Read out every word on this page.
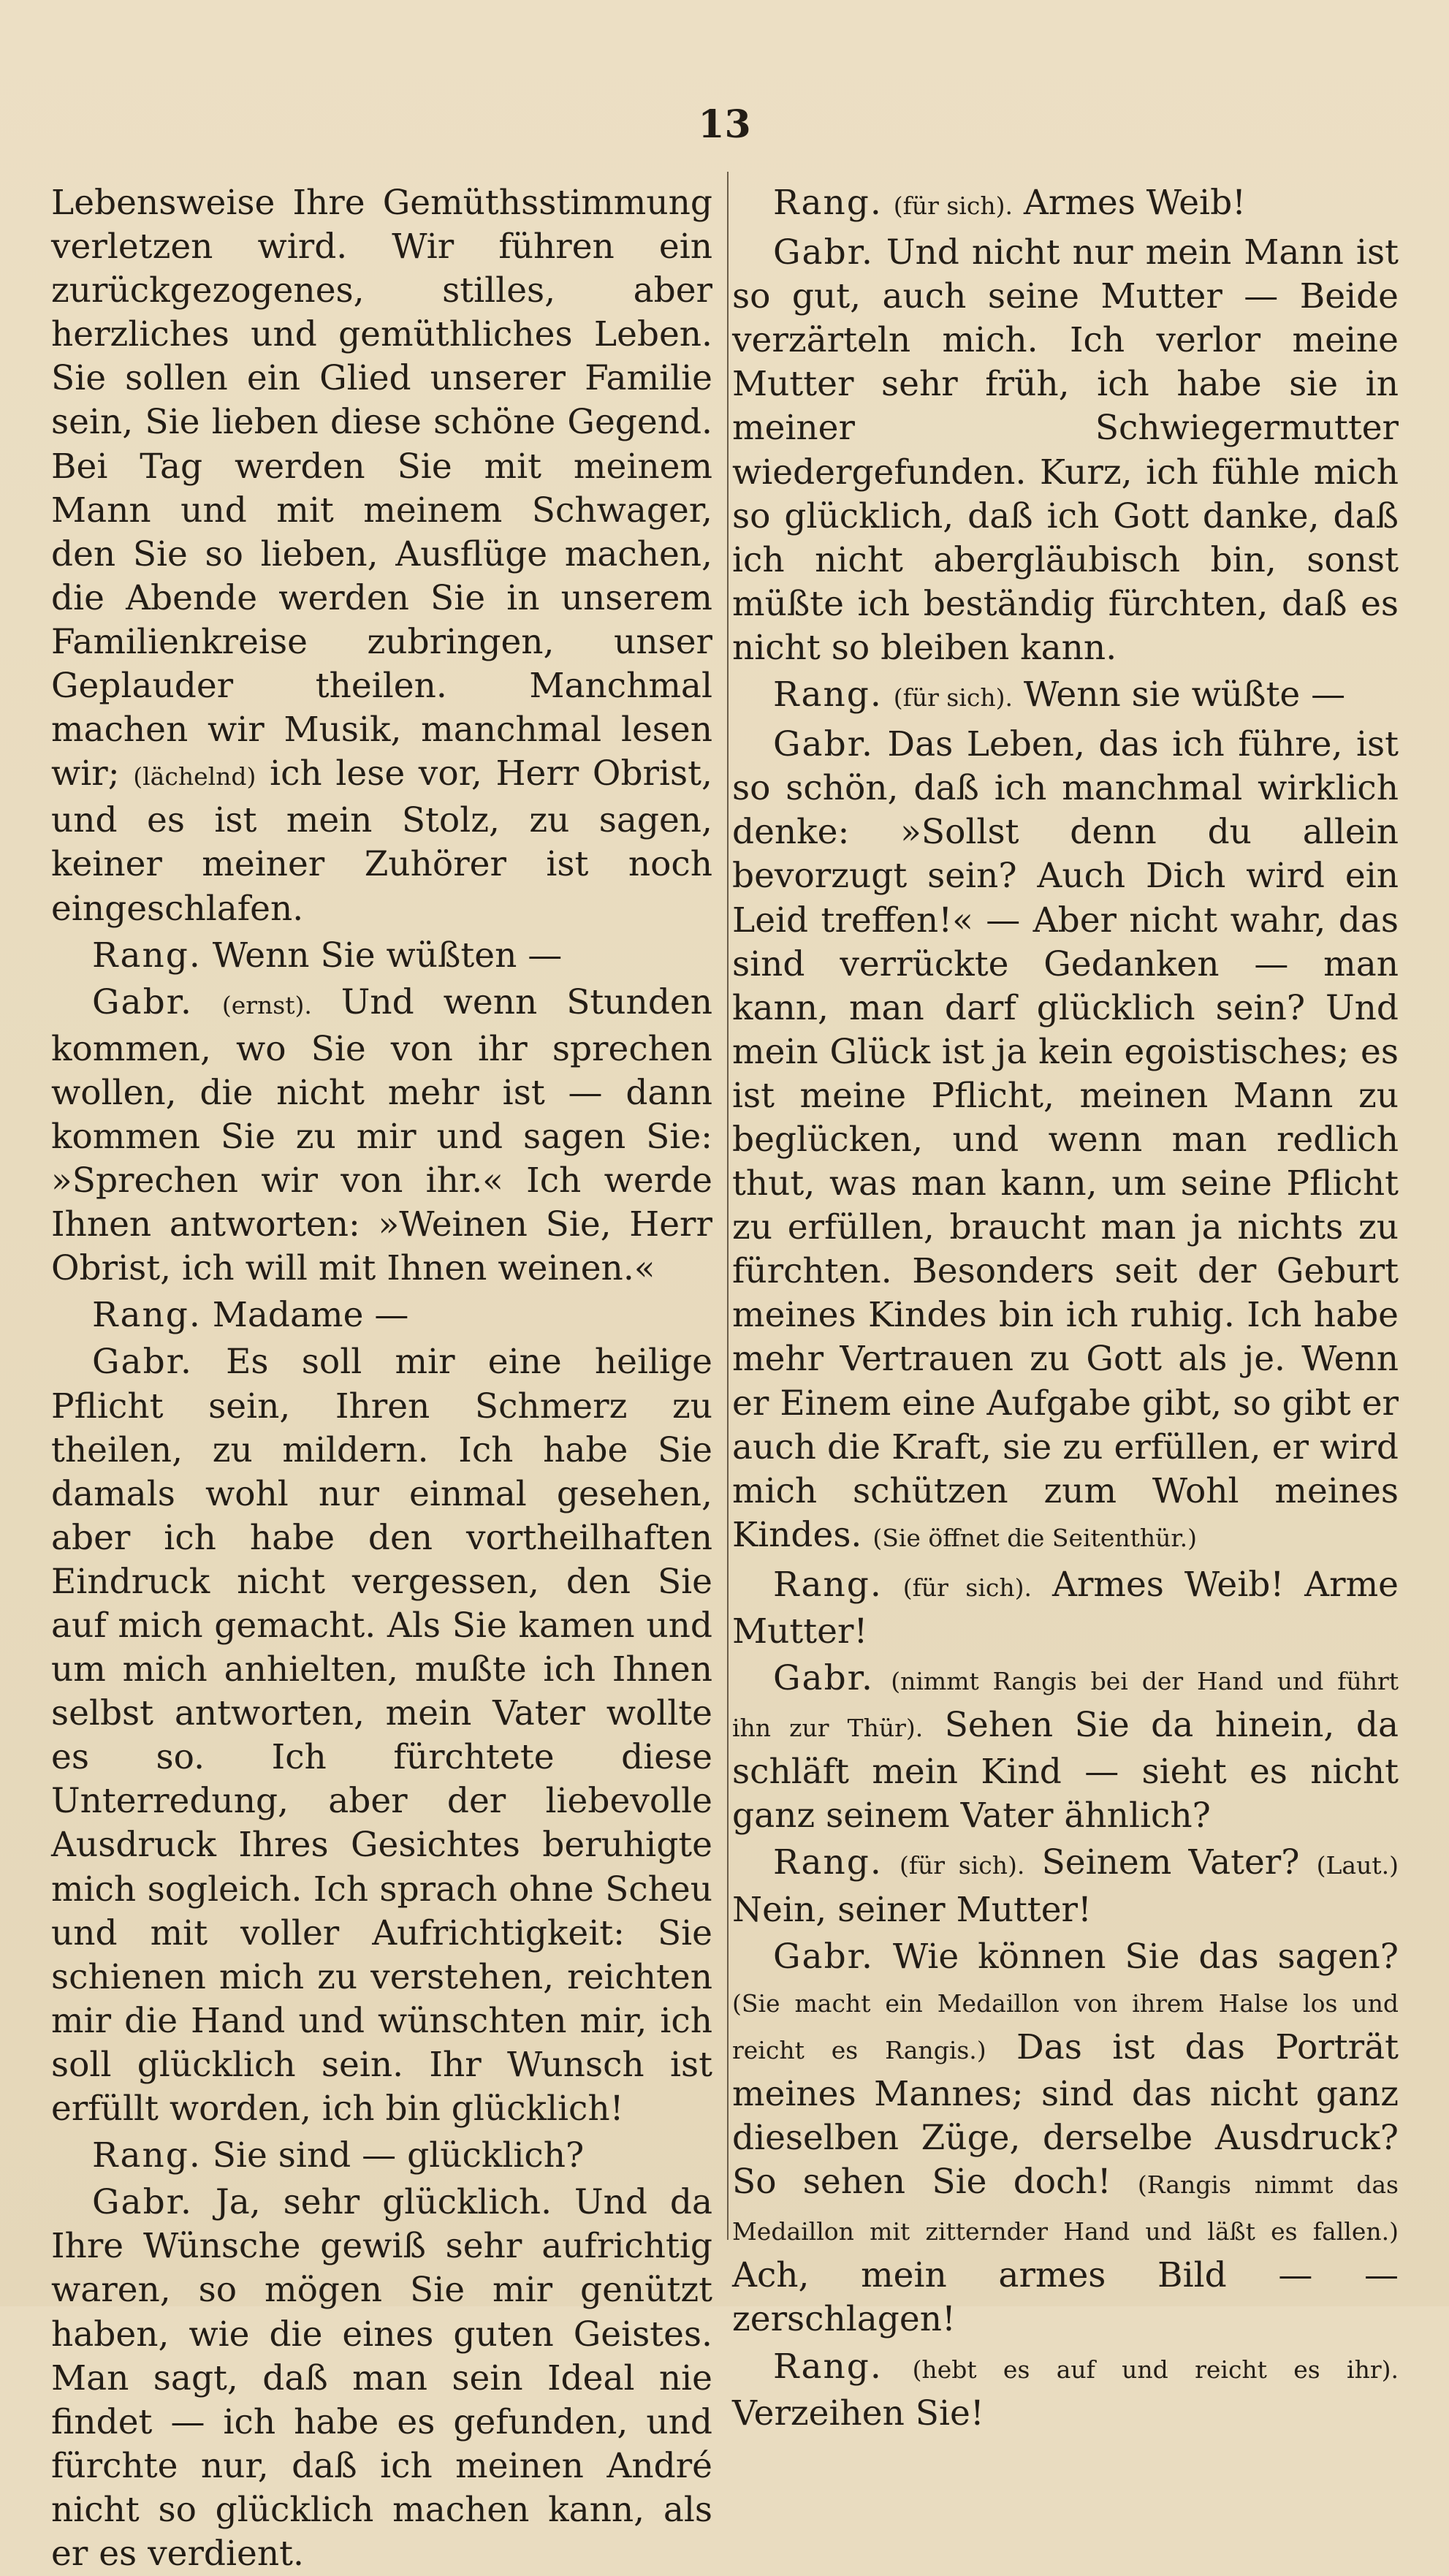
13

Lebensweise Ihre Gemüthsstimmung verletzen wird. Wir führen ein zurückgezogenes, stilles, aber herzliches und gemüthliches Leben. Sie sollen ein Glied unserer Familie sein, Sie lieben diese schöne Gegend. Bei Tag werden Sie mit meinem Mann und mit meinem Schwager, den Sie so lieben, Ausflüge machen, die Abende werden Sie in unserem Familienkreise zubringen, unser Geplauder theilen. Manchmal machen wir Musik, manchmal lesen wir; (lächelnd) ich lese vor, Herr Obrist, und es ist mein Stolz, zu sagen, keiner meiner Zuhörer ist noch eingeschlafen.

Rang. Wenn Sie wüßten —

Gabr. (ernst). Und wenn Stunden kommen, wo Sie von ihr sprechen wollen, die nicht mehr ist — dann kommen Sie zu mir und sagen Sie: »Sprechen wir von ihr.« Ich werde Ihnen antworten: »Weinen Sie, Herr Obrist, ich will mit Ihnen weinen.«

Rang. Madame —

Gabr. Es soll mir eine heilige Pflicht sein, Ihren Schmerz zu theilen, zu mildern. Ich habe Sie damals wohl nur einmal gesehen, aber ich habe den vortheilhaften Eindruck nicht vergessen, den Sie auf mich gemacht. Als Sie kamen und um mich anhielten, mußte ich Ihnen selbst antworten, mein Vater wollte es so. Ich fürchtete diese Unterredung, aber der liebevolle Ausdruck Ihres Gesichtes beruhigte mich sogleich. Ich sprach ohne Scheu und mit voller Aufrichtigkeit: Sie schienen mich zu verstehen, reichten mir die Hand und wünschten mir, ich soll glücklich sein. Ihr Wunsch ist erfüllt worden, ich bin glücklich!

Rang. Sie sind — glücklich?

Gabr. Ja, sehr glücklich. Und da Ihre Wünsche gewiß sehr aufrichtig waren, so mögen Sie mir genützt haben, wie die eines guten Geistes. Man sagt, daß man sein Ideal nie findet — ich habe es gefunden, und fürchte nur, daß ich meinen André nicht so glücklich machen kann, als er es verdient.

Rang. (für sich). Armes Weib!

Gabr. Und nicht nur mein Mann ist so gut, auch seine Mutter — Beide verzärteln mich. Ich verlor meine Mutter sehr früh, ich habe sie in meiner Schwiegermutter wiedergefunden. Kurz, ich fühle mich so glücklich, daß ich Gott danke, daß ich nicht abergläubisch bin, sonst müßte ich beständig fürchten, daß es nicht so bleiben kann.

Rang. (für sich). Wenn sie wüßte —

Gabr. Das Leben, das ich führe, ist so schön, daß ich manchmal wirklich denke: »Sollst denn du allein bevorzugt sein? Auch Dich wird ein Leid treffen!« — Aber nicht wahr, das sind verrückte Gedanken — man kann, man darf glücklich sein? Und mein Glück ist ja kein egoistisches; es ist meine Pflicht, meinen Mann zu beglücken, und wenn man redlich thut, was man kann, um seine Pflicht zu erfüllen, braucht man ja nichts zu fürchten. Besonders seit der Geburt meines Kindes bin ich ruhig. Ich habe mehr Vertrauen zu Gott als je. Wenn er Einem eine Aufgabe gibt, so gibt er auch die Kraft, sie zu erfüllen, er wird mich schützen zum Wohl meines Kindes. (Sie öffnet die Seitenthür.)

Rang. (für sich). Armes Weib! Arme Mutter!

Gabr. (nimmt Rangis bei der Hand und führt ihn zur Thür). Sehen Sie da hinein, da schläft mein Kind — sieht es nicht ganz seinem Vater ähnlich?

Rang. (für sich). Seinem Vater? (Laut.) Nein, seiner Mutter!

Gabr. Wie können Sie das sagen? (Sie macht ein Medaillon von ihrem Halse los und reicht es Rangis.) Das ist das Porträt meines Mannes; sind das nicht ganz dieselben Züge, derselbe Ausdruck? So sehen Sie doch! (Rangis nimmt das Medaillon mit zitternder Hand und läßt es fallen.) Ach, mein armes Bild — — zerschlagen!

Rang. (hebt es auf und reicht es ihr). Verzeihen Sie!
